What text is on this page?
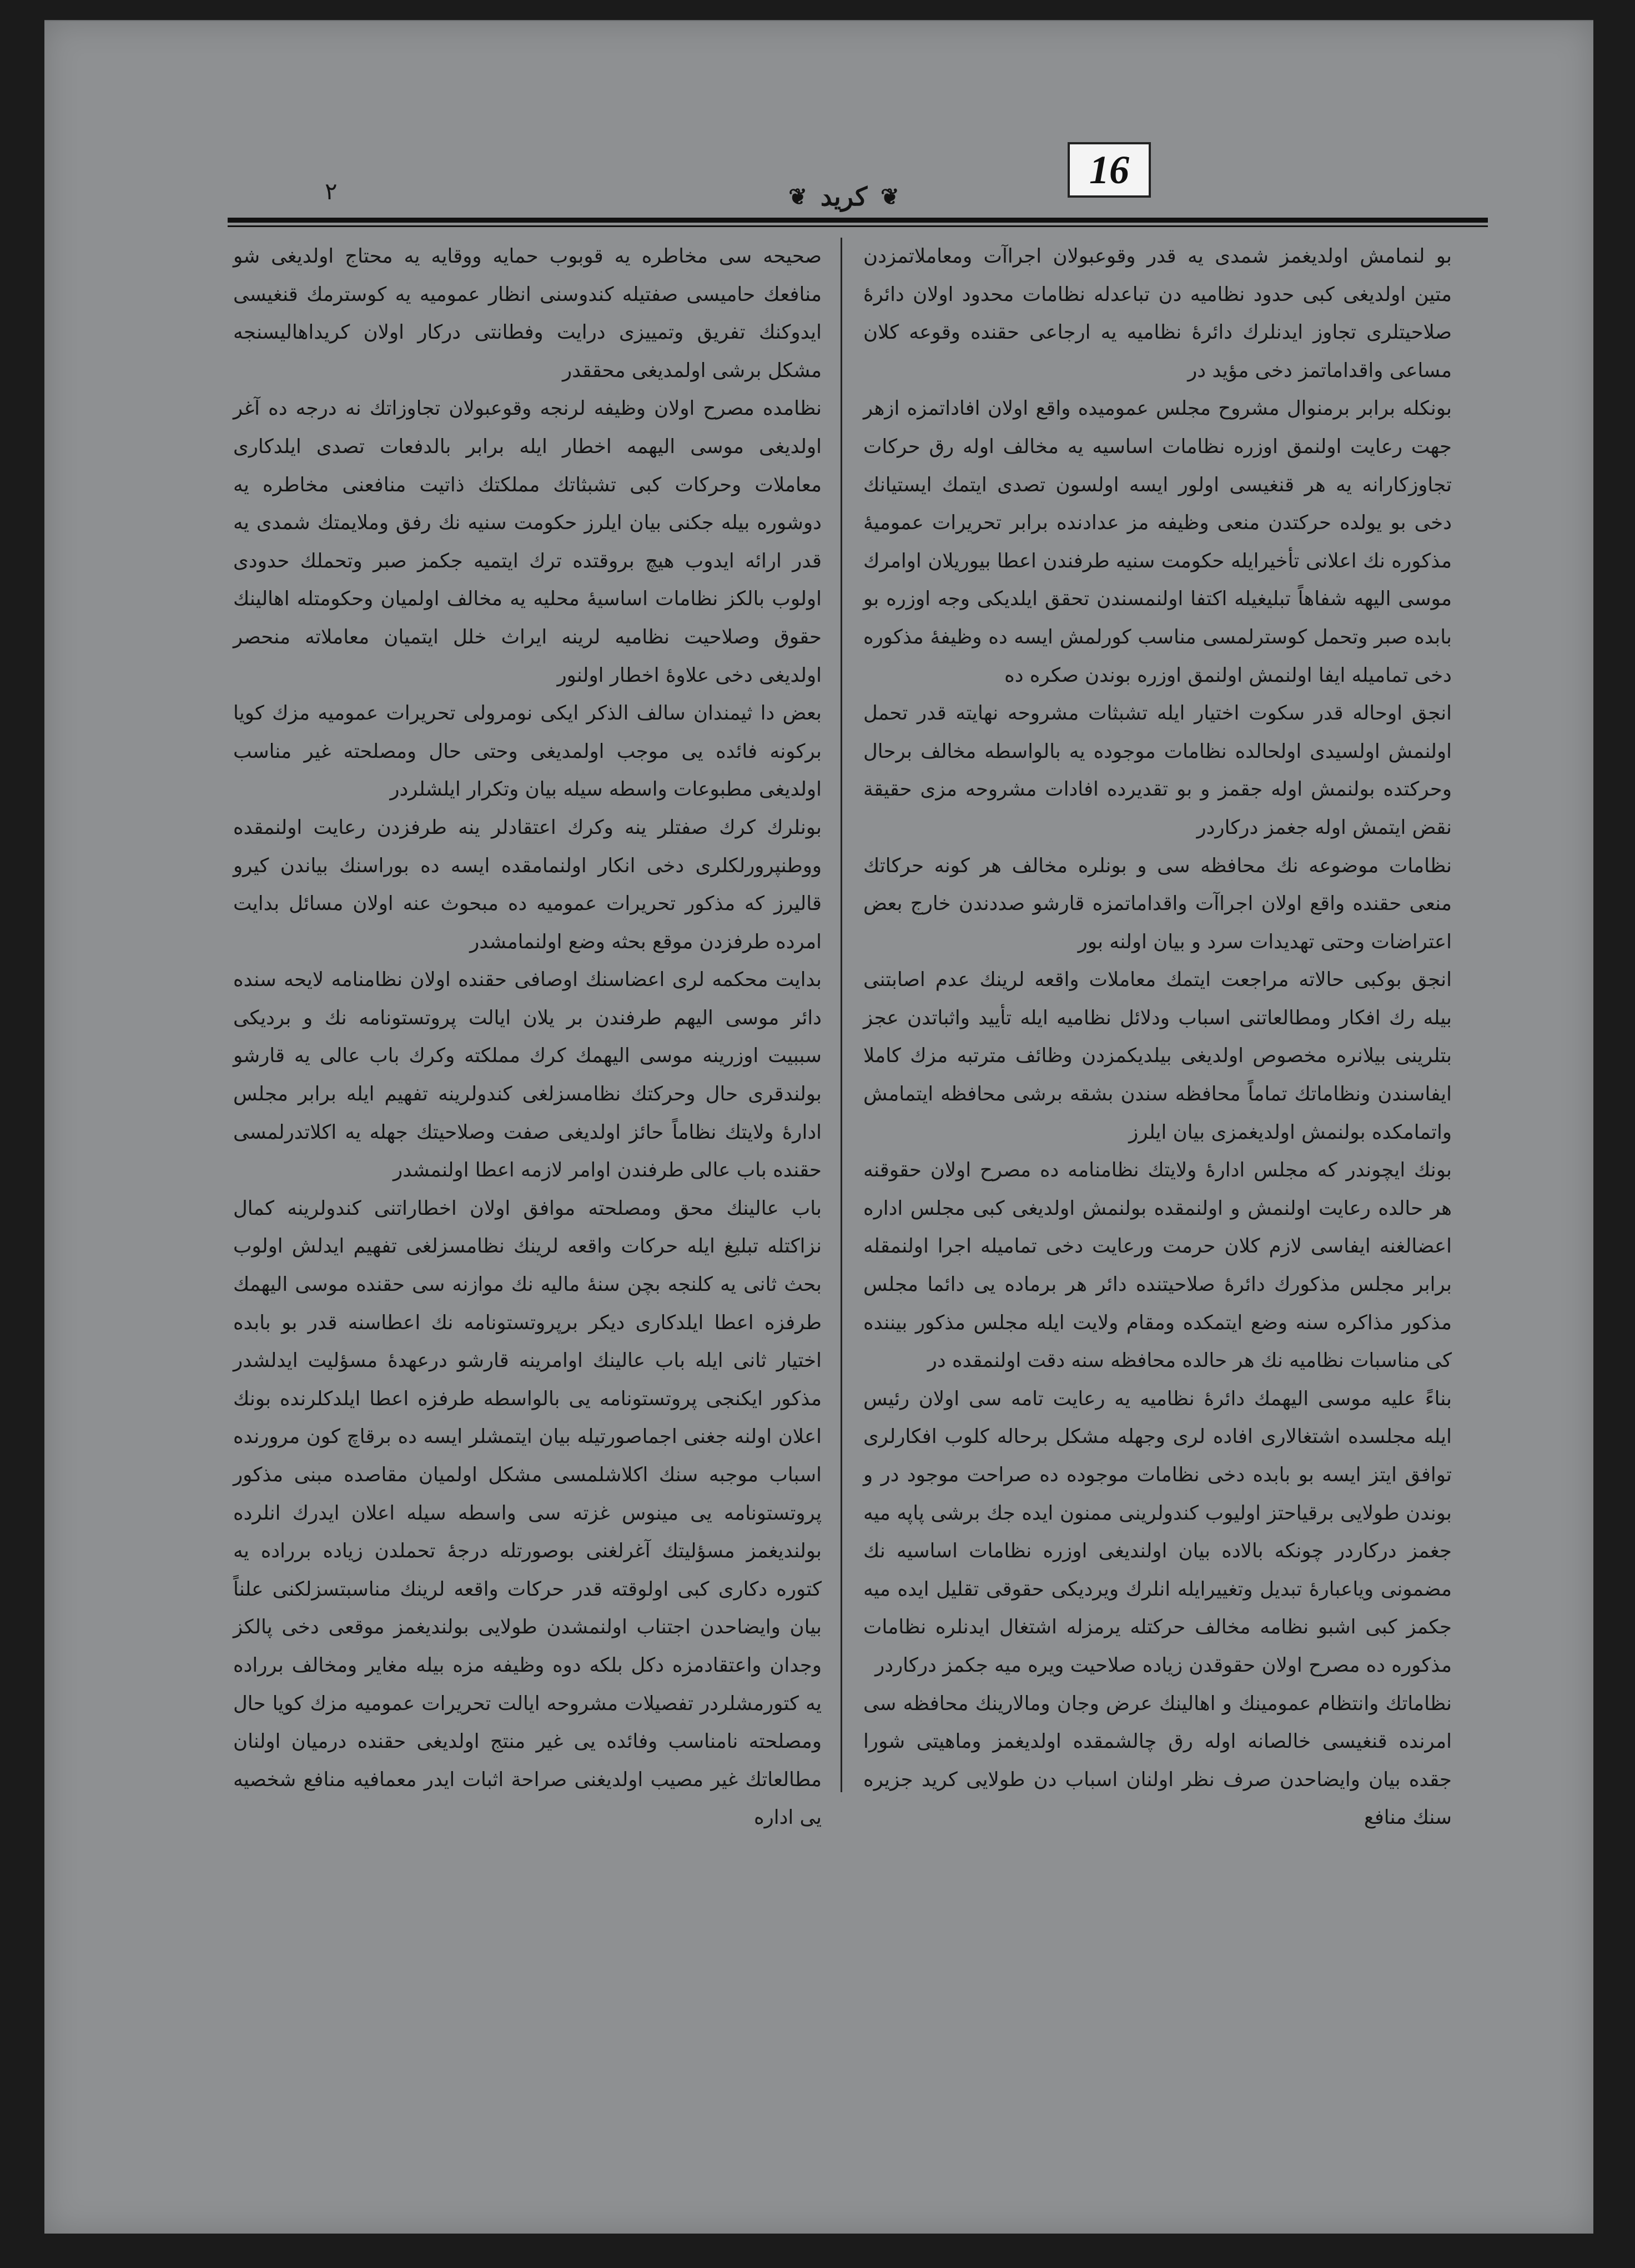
16
❦ كريد ❦
٢

بو لنمامش اولدیغمز شمدی یه قدر وقوعبولان اجراآت ومعاملاتمزدن متین اولدیغی کبی حدود نظامیه دن تباعدله نظامات محدود اولان دائرهٔ صلاحیتلری تجاوز ایدنلرك دائرهٔ نظامیه یه ارجاعی حقنده وقوعه کلان مساعی واقداماتمز دخی مؤید در

بونکله برابر برمنوال مشروح مجلس عمومیده واقع اولان افاداتمزه ازهر جهت رعایت اولنمق اوزره نظامات اساسیه یه مخالف اوله رق حرکات تجاوزکارانه یه هر قنغیسی اولور ایسه اولسون تصدی ایتمك ایستیانك دخی بو یولده حرکتدن منعی وظیفه مز عدادنده برابر تحریرات عمومیهٔ مذکوره نك اعلانی تأخیرایله حکومت سنیه طرفندن اعطا بیوریلان اوامرك موسی الیهه شفاهاً تبلیغیله اکتفا اولنمسندن تحقق ایلدیکی وجه اوزره بو بابده صبر وتحمل کوسترلمسی مناسب کورلمش ایسه ده وظیفهٔ مذکوره دخی تمامیله ایفا اولنمش اولنمق اوزره بوندن صکره ده

انجق اوحاله قدر سکوت اختیار ایله تشبثات مشروحه نهایته قدر تحمل اولنمش اولسیدی اولحالده نظامات موجوده یه بالواسطه مخالف برحال وحرکتده بولنمش اوله جقمز و بو تقدیرده افادات مشروحه مزی حقیقة نقض ایتمش اوله جغمز درکاردر

نظامات موضوعه نك محافظه سی و بونلره مخالف هر کونه حرکاتك منعی حقنده واقع اولان اجراآت واقداماتمزه قارشو صددندن خارج بعض اعتراضات وحتی تهدیدات سرد و بیان اولنه بور

انجق بوکبی حالاته مراجعت ایتمك معاملات واقعه لرینك عدم اصابتنی بیله رك افکار ومطالعاتنی اسباب ودلائل نظامیه ایله تأیید واثباتدن عجز بتلرینی بیلانره مخصوص اولدیغی بیلدیکمزدن وظائف مترتبه مزك كاملا ایفاسندن ونظاماتك تماماً محافظه سندن بشقه برشی محافظه ایتمامش واتمامکده بولنمش اولدیغمزی بیان ایلرز

بونك ایچوندر که مجلس ادارهٔ ولایتك نظامنامه ده مصرح اولان حقوقنه هر حالده رعایت اولنمش و اولنمقده بولنمش اولدیغی کبی مجلس اداره اعضالغنه ایفاسی لازم کلان حرمت ورعایت دخی تمامیله اجرا اولنمقله برابر مجلس مذکورك دائرهٔ صلاحیتنده دائر هر برماده یی دائما مجلس مذکور مذاکره سنه وضع ایتمکده ومقام ولایت ایله مجلس مذکور بیننده کی مناسبات نظامیه نك هر حالده محافظه سنه دقت اولنمقده در

بناءً علیه موسی الیهمك دائرهٔ نظامیه یه رعایت تامه سی اولان رئیس ایله مجلسده اشتغالاری افاده لری وجهله مشکل برحاله کلوب افکارلری توافق ایتز ایسه بو بابده دخی نظامات موجوده ده صراحت موجود در و بوندن طولایی برقیاحتز اولیوب کندولرینی ممنون ایده جك برشی پاپه میه جغمز درکاردر چونکه بالاده بیان اولندیغی اوزره نظامات اساسیه نك مضمونی ویاعبارهٔ تبدیل وتغییرایله انلرك ویردیکی حقوقی تقلیل ایده میه جکمز کبی اشبو نظامه مخالف حرکتله یرمزله اشتغال ایدنلره نظامات مذکوره ده مصرح اولان حقوقدن زیاده صلاحیت ویره میه جکمز درکاردر

نظاماتك وانتظام عمومینك و اهالینك عرض وجان ومالارینك محافظه سی امرنده قنغیسی خالصانه اوله رق چالشمقده اولدیغمز وماهیتی شورا جقده بیان وایضاحدن صرف نظر اولنان اسباب دن طولایی کرید جزیره سنك منافع

صحیحه سی مخاطره یه قوبوب حمایه ووقایه یه محتاج اولدیغی شو منافعك حامیسی صفتیله کندوسنی انظار عمومیه یه کوسترمك قنغیسی ایدوکنك تفریق وتمییزی درایت وفطانتی درکار اولان کریداهالیسنجه مشکل برشی اولمدیغی محققدر

نظامده مصرح اولان وظیفه لرنجه وقوعبولان تجاوزاتك نه درجه ده آغر اولدیغی موسی الیهمه اخطار ایله برابر بالدفعات تصدی ایلدکاری معاملات وحرکات کبی تشبثاتك مملکتك ذاتیت منافعنی مخاطره یه دوشوره بیله جکنی بیان ایلرز حکومت سنیه نك رفق وملایمتك شمدی یه قدر ارائه ایدوب هیچ بروقتده ترك ایتمیه جکمز صبر وتحملك حدودی اولوب بالکز نظامات اساسیهٔ محلیه یه مخالف اولمیان وحکومتله اهالینك حقوق وصلاحیت نظامیه لرینه ایراث خلل ایتمیان معاملاته منحصر اولدیغی دخی علاوهٔ اخطار اولنور

بعض دا ثیمندان سالف الذکر ایکی نومرولی تحریرات عمومیه مزك کویا برکونه فائده یی موجب اولمدیغی وحتی حال ومصلحته غیر مناسب اولدیغی مطبوعات واسطه سیله بیان وتکرار ایلشلردر

بونلرك کرك صفتلر ینه وکرك اعتقادلر ینه طرفزدن رعایت اولنمقده ووطنپرورلکلری دخی انکار اولنمامقده ایسه ده بوراسنك بیاندن کیرو قالیرز که مذکور تحریرات عمومیه ده مبحوث عنه اولان مسائل بدایت امرده طرفزدن موقع بحثه وضع اولنمامشدر

بدایت محکمه لری اعضاسنك اوصافی حقنده اولان نظامنامه لایحه سنده دائر موسی الیهم طرفندن بر یلان ایالت پروتستونامه نك و بردیکی سببیت اوزرینه موسی الیهمك کرك مملکته وکرك باب عالی یه قارشو بولندقری حال وحرکتك نظامسزلغی کندولرینه تفهیم ایله برابر مجلس ادارهٔ ولایتك نظاماً حائز اولدیغی صفت وصلاحیتك جهله یه اکلاتدرلمسی حقنده باب عالی طرفندن اوامر لازمه اعطا اولنمشدر

باب عالینك محق ومصلحته موافق اولان اخطاراتنی کندولرینه کمال نزاکتله تبلیغ ایله حرکات واقعه لرینك نظامسزلغی تفهیم ایدلش اولوب بحث ثانی یه کلنجه بچن سنهٔ مالیه نك موازنه سی حقنده موسی الیهمك طرفزه اعطا ایلدکاری دیکر برپروتستونامه نك اعطاسنه قدر بو بابده اختیار ثانی ایله باب عالینك اوامرینه قارشو درعهدهٔ مسؤلیت ایدلشدر مذکور ایکنجی پروتستونامه یی بالواسطه طرفزه اعطا ایلدکلرنده بونك اعلان اولنه جغنی اجماصورتیله بیان ایتمشلر ایسه ده برقاچ کون مرورنده اسباب موجبه سنك اکلاشلمسی مشکل اولمیان مقاصده مبنی مذکور پروتستونامه یی مینوس غزته سی واسطه سیله اعلان ایدرك انلرده بولندیغمز مسؤلیتك آغرلغنی بوصورتله درجهٔ تحملدن زیاده برراده یه کتوره دکاری کبی اولوقته قدر حرکات واقعه لرینك مناسبتسزلکنی علناً بیان وایضاحدن اجتناب اولنمشدن طولایی بولندیغمز موقعی دخی پالکز وجدان واعتقادمزه دکل بلکه دوه وظیفه مزه بیله مغایر ومخالف برراده یه کتورمشلردر تفصیلات مشروحه ایالت تحریرات عمومیه مزك کویا حال ومصلحته نامناسب وفائده یی غیر منتج اولدیغی حقنده درمیان اولنان مطالعاتك غیر مصیب اولدیغنی صراحة اثبات ایدر معمافیه منافع شخصیه یی اداره
